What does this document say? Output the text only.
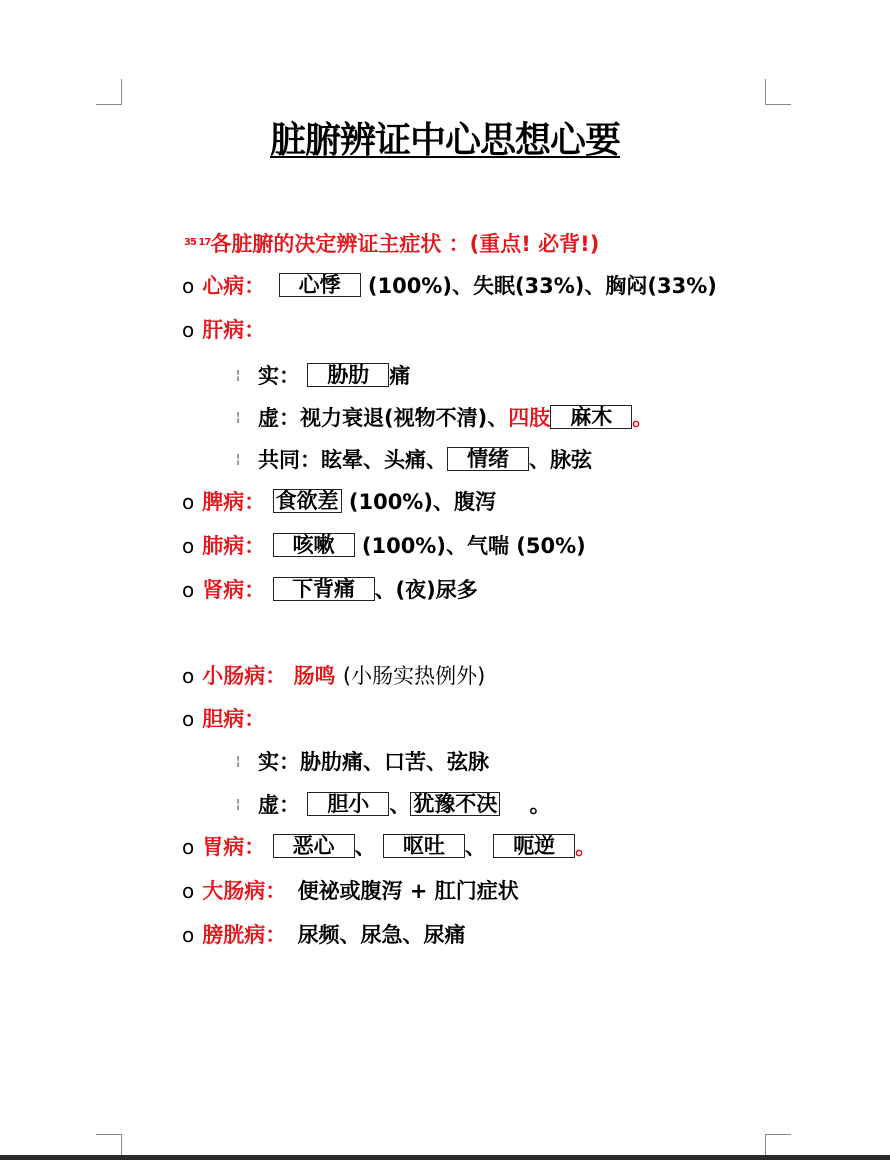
脏腑辨证中心思想心要
$^{35 17}$各脏腑的决定辨证主症状 ：(重点! 必背!)
o 心病： 心悸 (100%)、失眠(33%)、胸闷(33%)
o 肝病：
¦ 实： 胁肋 痛
¦ 虚：视力衰退(视物不清)、四肢 麻木 。
¦ 共同：眩晕、头痛、 情绪 、脉弦
o 脾病： 食欲差 (100%)、腹泻
o 肺病： 咳嗽 (100%)、气喘 (50%)
o 肾病： 下背痛 、(夜)尿多
o 小肠病： 肠鸣 (小肠实热例外)
o 胆病：
¦ 实：胁肋痛、口苦、弦脉
¦ 虚： 胆小 、 犹豫不决 。
o 胃病： 恶心 、 呕吐 、 呃逆 。
o 大肠病： 便祕或腹泻 + 肛门症状
o 膀胱病： 尿频、尿急、尿痛
